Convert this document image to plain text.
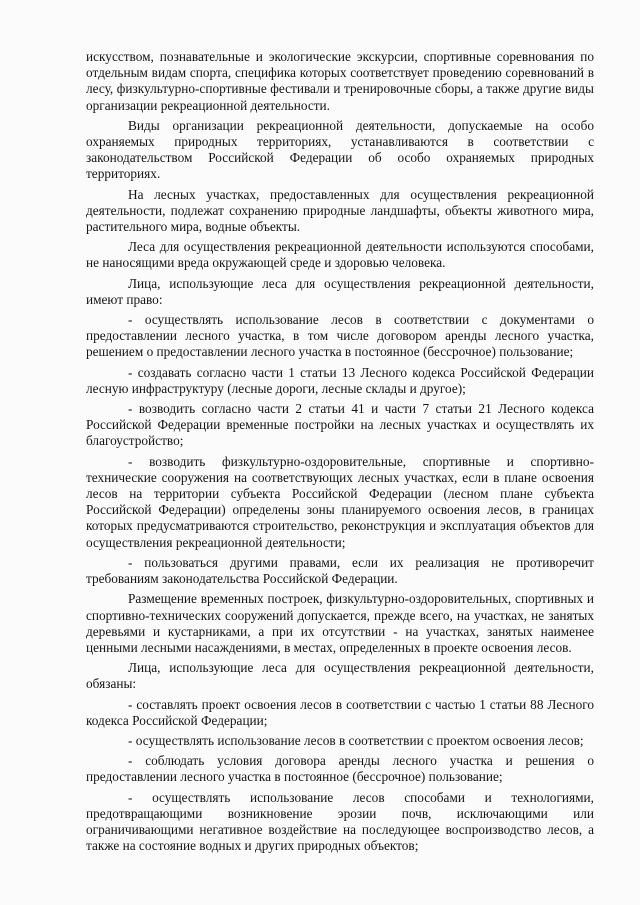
искусством, познавательные и экологические экскурсии, спортивные соревнования по отдельным видам спорта, специфика которых соответствует проведению соревнований в лесу, физкультурно-спортивные фестивали и тренировочные сборы, а также другие виды организации рекреационной деятельности.

Виды организации рекреационной деятельности, допускаемые на особо охраняемых природных территориях, устанавливаются в соответствии с законодательством Российской Федерации об особо охраняемых природных территориях.

На лесных участках, предоставленных для осуществления рекреационной деятельности, подлежат сохранению природные ландшафты, объекты животного мира, растительного мира, водные объекты.

Леса для осуществления рекреационной деятельности используются способами, не наносящими вреда окружающей среде и здоровью человека.

Лица, использующие леса для осуществления рекреационной деятельности, имеют право:

- осуществлять использование лесов в соответствии с документами о предоставлении лесного участка, в том числе договором аренды лесного участка, решением о предоставлении лесного участка в постоянное (бессрочное) пользование;

- создавать согласно части 1 статьи 13 Лесного кодекса Российской Федерации лесную инфраструктуру (лесные дороги, лесные склады и другое);

- возводить согласно части 2 статьи 41 и части 7 статьи 21 Лесного кодекса Российской Федерации временные постройки на лесных участках и осуществлять их благоустройство;

- возводить физкультурно-оздоровительные, спортивные и спортивно-технические сооружения на соответствующих лесных участках, если в плане освоения лесов на территории субъекта Российской Федерации (лесном плане субъекта Российской Федерации) определены зоны планируемого освоения лесов, в границах которых предусматриваются строительство, реконструкция и эксплуатация объектов для осуществления рекреационной деятельности;

- пользоваться другими правами, если их реализация не противоречит требованиям законодательства Российской Федерации.

Размещение временных построек, физкультурно-оздоровительных, спортивных и спортивно-технических сооружений допускается, прежде всего, на участках, не занятых деревьями и кустарниками, а при их отсутствии - на участках, занятых наименее ценными лесными насаждениями, в местах, определенных в проекте освоения лесов.

Лица, использующие леса для осуществления рекреационной деятельности, обязаны:

- составлять проект освоения лесов в соответствии с частью 1 статьи 88 Лесного кодекса Российской Федерации;

- осуществлять использование лесов в соответствии с проектом освоения лесов;

- соблюдать условия договора аренды лесного участка и решения о предоставлении лесного участка в постоянное (бессрочное) пользование;

- осуществлять использование лесов способами и технологиями, предотвращающими возникновение эрозии почв, исключающими или ограничивающими негативное воздействие на последующее воспроизводство лесов, а также на состояние водных и других природных объектов;
